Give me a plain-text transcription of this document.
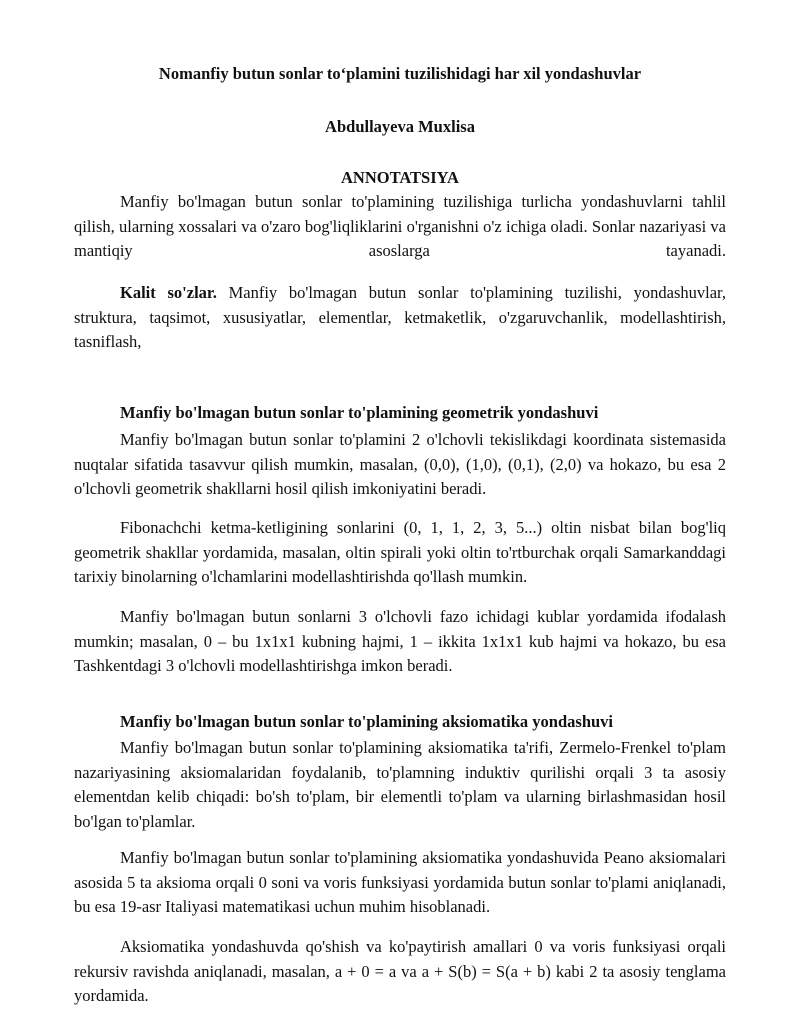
Nomanfiy butun sonlar to‘plamini tuzilishidagi har xil yondashuvlar
Abdullayeva Muxlisa
ANNOTATSIYA

Manfiy bo'lmagan butun sonlar to'plamining tuzilishiga turlicha yondashuvlarni tahlil qilish, ularning xossalari va o'zaro bog'liqliklarini o'rganishni o'z ichiga oladi. Sonlar nazariyasi va mantiqiy asoslarga tayanadi.

Kalit so'zlar. Manfiy bo'lmagan butun sonlar to'plamining tuzilishi, yondashuvlar, struktura, taqsimot, xususiyatlar, elementlar, ketmaketlik, o'zgaruvchanlik, modellashtirish, tasniflash,

Manfiy bo'lmagan butun sonlar to'plamining geometrik yondashuvi

Manfiy bo'lmagan butun sonlar to'plamini 2 o'lchovli tekislikdagi koordinata sistemasida nuqtalar sifatida tasavvur qilish mumkin, masalan, (0,0), (1,0), (0,1), (2,0) va hokazo, bu esa 2 o'lchovli geometrik shakllarni hosil qilish imkoniyatini beradi.

Fibonachchi ketma-ketligining sonlarini (0, 1, 1, 2, 3, 5...) oltin nisbat bilan bog'liq geometrik shakllar yordamida, masalan, oltin spirali yoki oltin to'rtburchak orqali Samarkanddagi tarixiy binolarning o'lchamlarini modellashtirishda qo'llash mumkin.

Manfiy bo'lmagan butun sonlarni 3 o'lchovli fazo ichidagi kublar yordamida ifodalash mumkin; masalan, 0 – bu 1x1x1 kubning hajmi, 1 – ikkita 1x1x1 kub hajmi va hokazo, bu esa Tashkentdagi 3 o'lchovli modellashtirishga imkon beradi.

Manfiy bo'lmagan butun sonlar to'plamining aksiomatika yondashuvi

Manfiy bo'lmagan butun sonlar to'plamining aksiomatika ta'rifi, Zermelo-Frenkel to'plam nazariyasining aksiomalaridan foydalanib, to'plamning induktiv qurilishi orqali 3 ta asosiy elementdan kelib chiqadi: bo'sh to'plam, bir elementli to'plam va ularning birlashmasidan hosil bo'lgan to'plamlar.

Manfiy bo'lmagan butun sonlar to'plamining aksiomatika yondashuvida Peano aksiomalari asosida 5 ta aksioma orqali 0 soni va voris funksiyasi yordamida butun sonlar to'plami aniqlanadi, bu esa 19-asr Italiyasi matematikasi uchun muhim hisoblanadi.

Aksiomatika yondashuvda qo'shish va ko'paytirish amallari 0 va voris funksiyasi orqali rekursiv ravishda aniqlanadi, masalan, a + 0 = a va a + S(b) = S(a + b) kabi 2 ta asosiy tenglama yordamida.
